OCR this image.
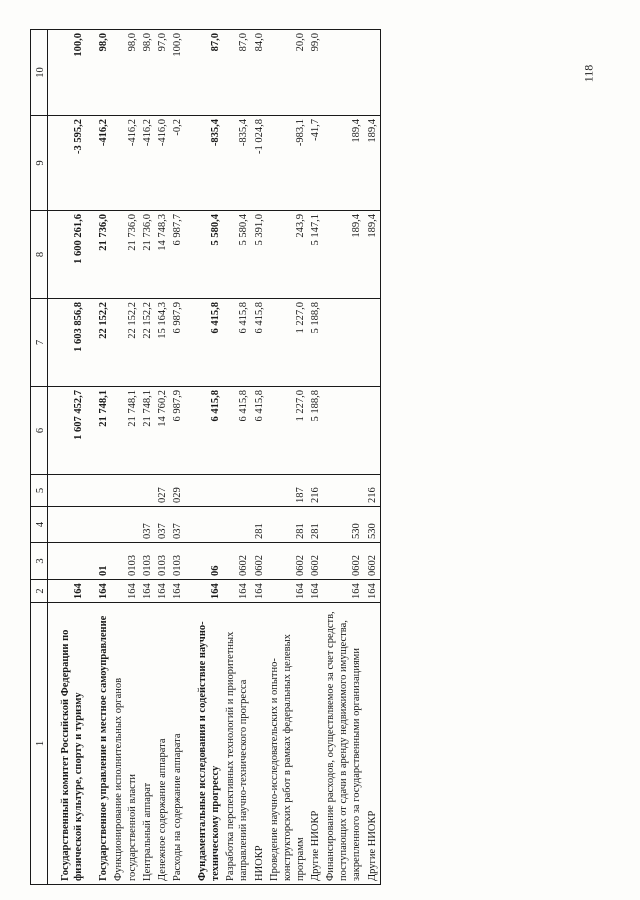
118
1	2	3	4	5	6	7	8	9	10

Государственный комитет Российской Федерации по физической культуре, спорту и туризму	164				1 607 452,7	1 603 856,8	1 600 261,6	-3 595,2	100,0

Государственное управление и местное самоуправление	164	01			21 748,1	22 152,2	21 736,0	-416,2	98,0
Функционирование исполнительных органов государственной власти	164	0103			21 748,1	22 152,2	21 736,0	-416,2	98,0
Центральный аппарат	164	0103	037		21 748,1	22 152,2	21 736,0	-416,2	98,0
Денежное содержание аппарата	164	0103	037	027	14 760,2	15 164,3	14 748,3	-416,0	97,0
Расходы на содержание аппарата	164	0103	037	029	6 987,9	6 987,9	6 987,7	-0,2	100,0

Фундаментальные исследования и содействие научно-техническому прогрессу	164	06			6 415,8	6 415,8	5 580,4	-835,4	87,0
Разработка перспективных технологий и приоритетных направлений научно-технического прогресса	164	0602			6 415,8	6 415,8	5 580,4	-835,4	87,0
НИОКР	164	0602	281		6 415,8	6 415,8	5 391,0	-1 024,8	84,0
Проведение научно-исследовательских и опытно-конструкторских работ в рамках федеральных целевых программ	164	0602	281	187	1 227,0	1 227,0	243,9	-983,1	20,0
Другие НИОКР	164	0602	281	216	5 188,8	5 188,8	5 147,1	-41,7	99,0
Финансирование расходов, осуществляемое за счет средств, поступающих от сдачи в аренду недвижимого имущества, закрепленного за государственными организациями	164	0602	530				189,4	189,4	
Другие НИОКР	164	0602	530	216			189,4	189,4	
